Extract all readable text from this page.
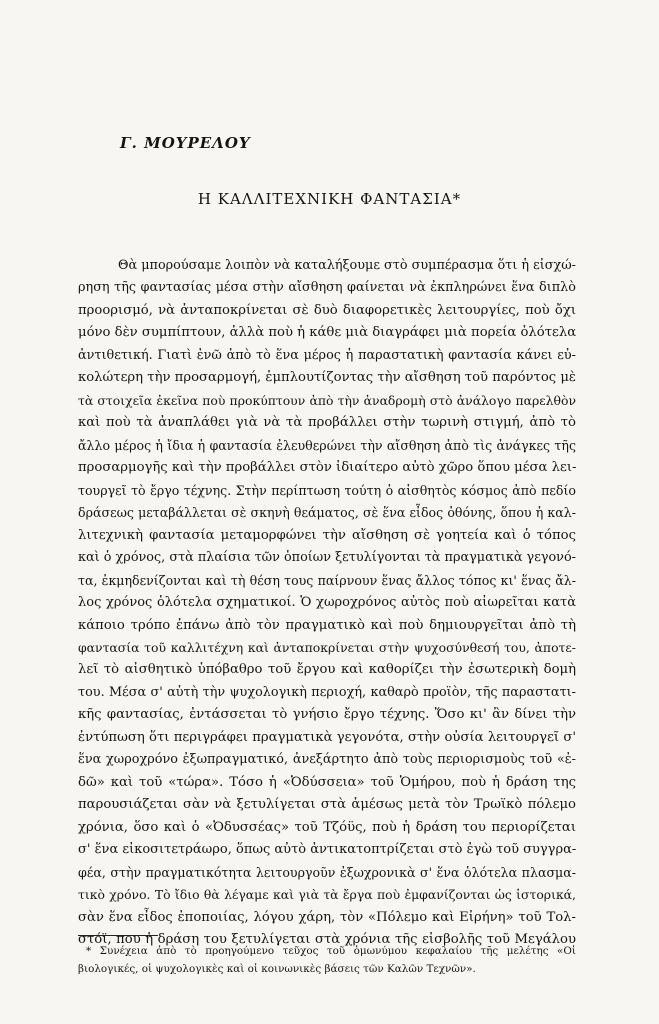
Γ. ΜΟΥΡΕΛΟΥ

Η ΚΑΛΛΙΤΕΧΝΙΚΗ ΦΑΝΤΑΣΙΑ*
Θὰ μπορούσαμε λοιπὸν νὰ καταλήξουμε στὸ συμπέρασμα ὅτι ἡ εἰσχώ-
ρηση τῆς φαντασίας μέσα στὴν αἴσθηση φαίνεται νὰ ἐκπληρώνει ἕνα διπλὸ
προορισμό, νὰ ἀνταποκρίνεται σὲ δυὸ διαφορετικὲς λειτουργίες, ποὺ ὄχι
μόνο δὲν συμπίπτουν, ἀλλὰ ποὺ ἡ κάθε μιὰ διαγράφει μιὰ πορεία ὁλότελα
ἀντιθετική. Γιατὶ ἐνῶ ἀπὸ τὸ ἕνα μέρος ἡ παραστατικὴ φαντασία κάνει εὐ-
κολώτερη τὴν προσαρμογή, ἐμπλουτίζοντας τὴν αἴσθηση τοῦ παρόντος μὲ
τὰ στοιχεῖα ἐκεῖνα ποὺ προκύπτουν ἀπὸ τὴν ἀναδρομὴ στὸ ἀνάλογο παρελθὸν
καὶ ποὺ τὰ ἀναπλάθει γιὰ νὰ τὰ προβάλλει στὴν τωρινὴ στιγμή, ἀπὸ τὸ
ἄλλο μέρος ἡ ἴδια ἡ φαντασία ἐλευθερώνει τὴν αἴσθηση ἀπὸ τὶς ἀνάγκες τῆς
προσαρμογῆς καὶ τὴν προβάλλει στὸν ἰδιαίτερο αὐτὸ χῶρο ὅπου μέσα λει-
τουργεῖ τὸ ἔργο τέχνης. Στὴν περίπτωση τούτη ὁ αἰσθητὸς κόσμος ἀπὸ πεδίο
δράσεως μεταβάλλεται σὲ σκηνὴ θεάματος, σὲ ἕνα εἶδος ὀθόνης, ὅπου ἡ καλ-
λιτεχνικὴ φαντασία μεταμορφώνει τὴν αἴσθηση σὲ γοητεία καὶ ὁ τόπος
καὶ ὁ χρόνος, στὰ πλαίσια τῶν ὁποίων ξετυλίγονται τὰ πραγματικὰ γεγονό-
τα, ἐκμηδενίζονται καὶ τὴ θέση τους παίρνουν ἕνας ἄλλος τόπος κι' ἕνας ἄλ-
λος χρόνος ὁλότελα σχηματικοί. Ὁ χωροχρόνος αὐτὸς ποὺ αἰωρεῖται κατὰ
κάποιο τρόπο ἐπάνω ἀπὸ τὸν πραγματικὸ καὶ ποὺ δημιουργεῖται ἀπὸ τὴ
φαντασία τοῦ καλλιτέχνη καὶ ἀνταποκρίνεται στὴν ψυχοσύνθεσή του, ἀποτε-
λεῖ τὸ αἰσθητικὸ ὑπόβαθρο τοῦ ἔργου καὶ καθορίζει τὴν ἐσωτερικὴ δομὴ
του. Μέσα σ' αὐτὴ τὴν ψυχολογικὴ περιοχή, καθαρὸ προϊὸν, τῆς παραστατι-
κῆς φαντασίας, ἐντάσσεται τὸ γνήσιο ἔργο τέχνης. Ὅσο κι' ἂν δίνει τὴν
ἐντύπωση ὅτι περιγράφει πραγματικὰ γεγονότα, στὴν οὐσία λειτουργεῖ σ'
ἕνα χωροχρόνο ἐξωπραγματικό, ἀνεξάρτητο ἀπὸ τοὺς περιορισμοὺς τοῦ «ἐ-
δῶ» καὶ τοῦ «τώρα». Τόσο ἡ «Ὀδύσσεια» τοῦ Ὁμήρου, ποὺ ἡ δράση της
παρουσιάζεται σὰν νὰ ξετυλίγεται στὰ ἀμέσως μετὰ τὸν Τρωϊκὸ πόλεμο
χρόνια, ὅσο καὶ ὁ «Ὀδυσσέας» τοῦ Τζόϋς, ποὺ ἡ δράση του περιορίζεται
σ' ἕνα εἰκοσιτετράωρο, ὅπως αὐτὸ ἀντικατοπτρίζεται στὸ ἐγὼ τοῦ συγγρα-
φέα, στὴν πραγματικότητα λειτουργοῦν ἐξωχρονικὰ σ' ἕνα ὁλότελα πλασμα-
τικὸ χρόνο. Τὸ ἴδιο θὰ λέγαμε καὶ γιὰ τὰ ἔργα ποὺ ἐμφανίζονται ὡς ἱστορικά,
σὰν ἕνα εἶδος ἐποποιίας, λόγου χάρη, τὸν «Πόλεμο καὶ Εἰρήνη» τοῦ Τολ-
στόϊ, που ἡ δράση του ξετυλίγεται στὰ χρόνια τῆς εἰσβολῆς τοῦ Μεγάλου
* Συνέχεια ἀπὸ τὸ προηγούμενο τεῦχος τοῦ ὁμωνύμου κεφαλαίου τῆς μελέτης «Οἱ
βιολογικές, οἱ ψυχολογικὲς καὶ οἱ κοινωνικὲς βάσεις τῶν Καλῶν Τεχνῶν».
